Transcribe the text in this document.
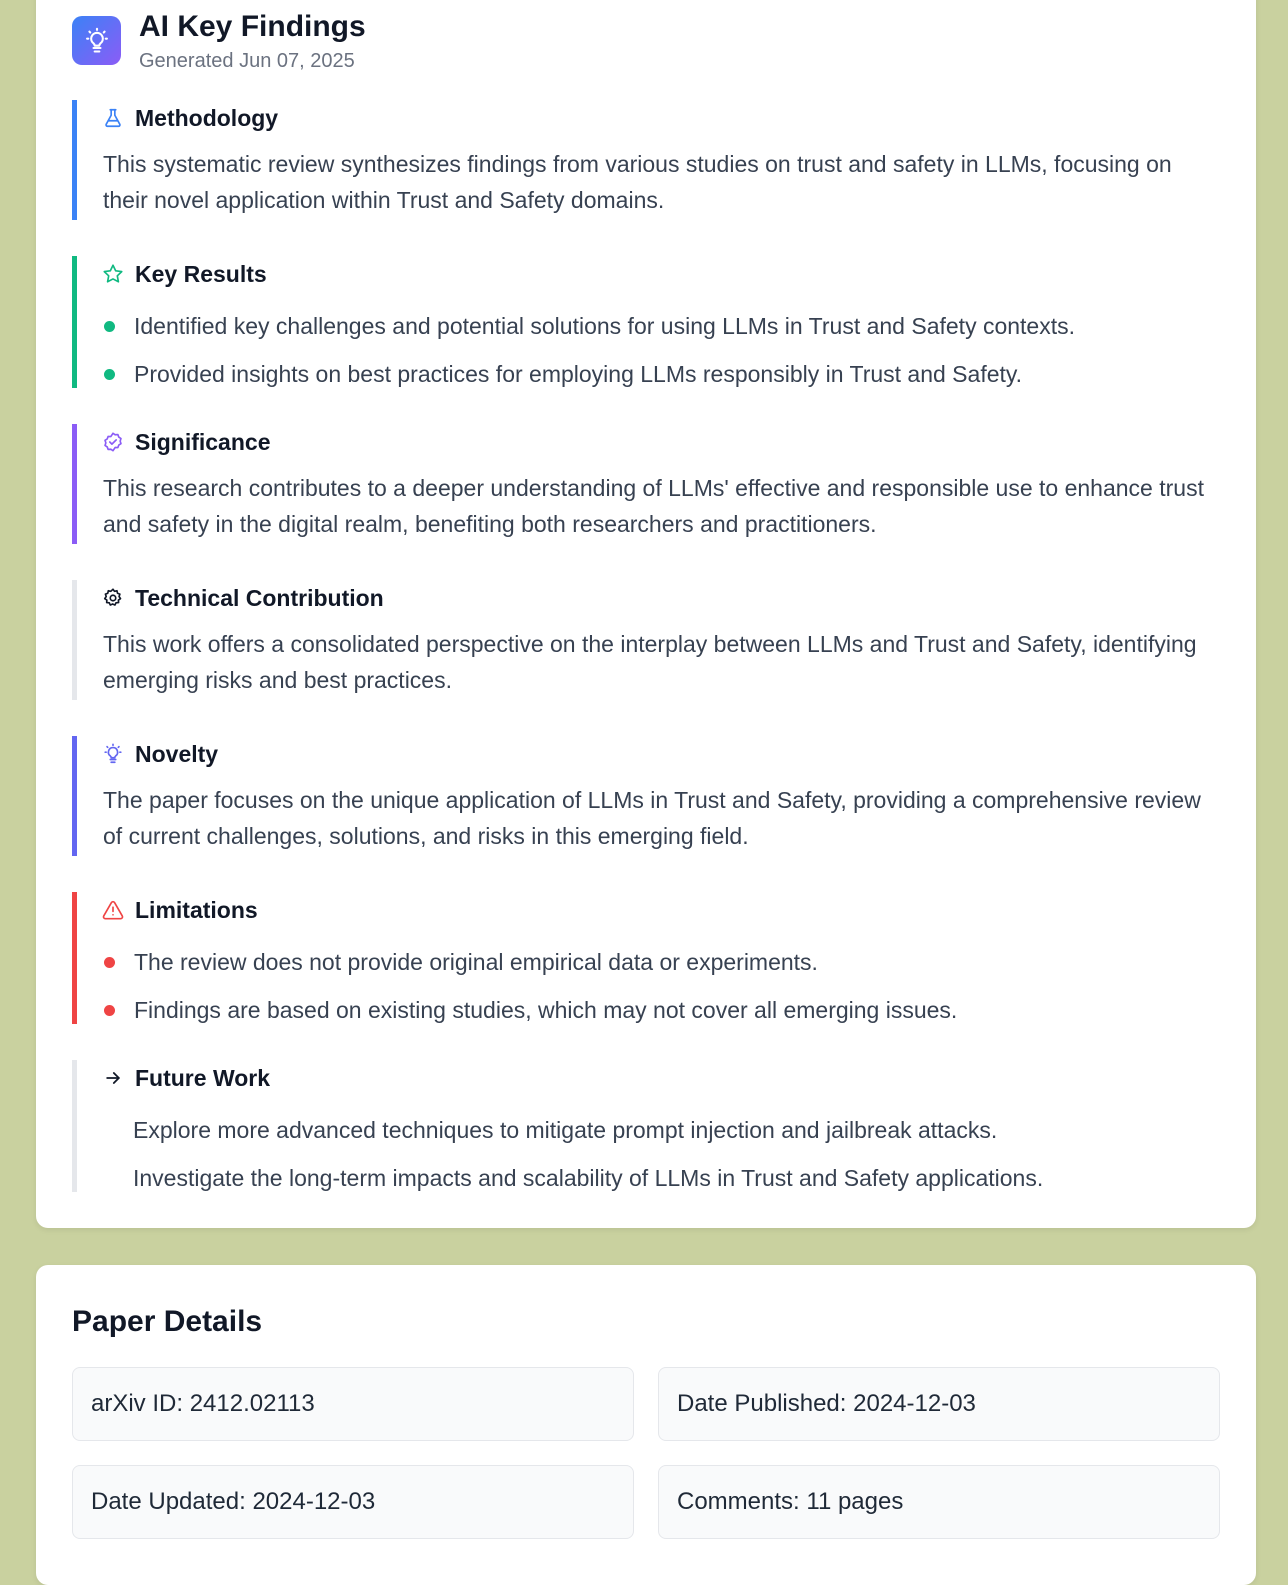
AI Key Findings
Generated Jun 07, 2025
Methodology
This systematic review synthesizes findings from various studies on trust and safety in LLMs, focusing on their novel application within Trust and Safety domains.
Key Results
Identified key challenges and potential solutions for using LLMs in Trust and Safety contexts.
Provided insights on best practices for employing LLMs responsibly in Trust and Safety.
Significance
This research contributes to a deeper understanding of LLMs' effective and responsible use to enhance trust and safety in the digital realm, benefiting both researchers and practitioners.
Technical Contribution
This work offers a consolidated perspective on the interplay between LLMs and Trust and Safety, identifying emerging risks and best practices.
Novelty
The paper focuses on the unique application of LLMs in Trust and Safety, providing a comprehensive review of current challenges, solutions, and risks in this emerging field.
Limitations
The review does not provide original empirical data or experiments.
Findings are based on existing studies, which may not cover all emerging issues.
Future Work
Explore more advanced techniques to mitigate prompt injection and jailbreak attacks.
Investigate the long-term impacts and scalability of LLMs in Trust and Safety applications.
Paper Details
arXiv ID:
2412.02113	Date Published:
2024-12-03
Date Updated:
2024-12-03	Comments:
11 pages
